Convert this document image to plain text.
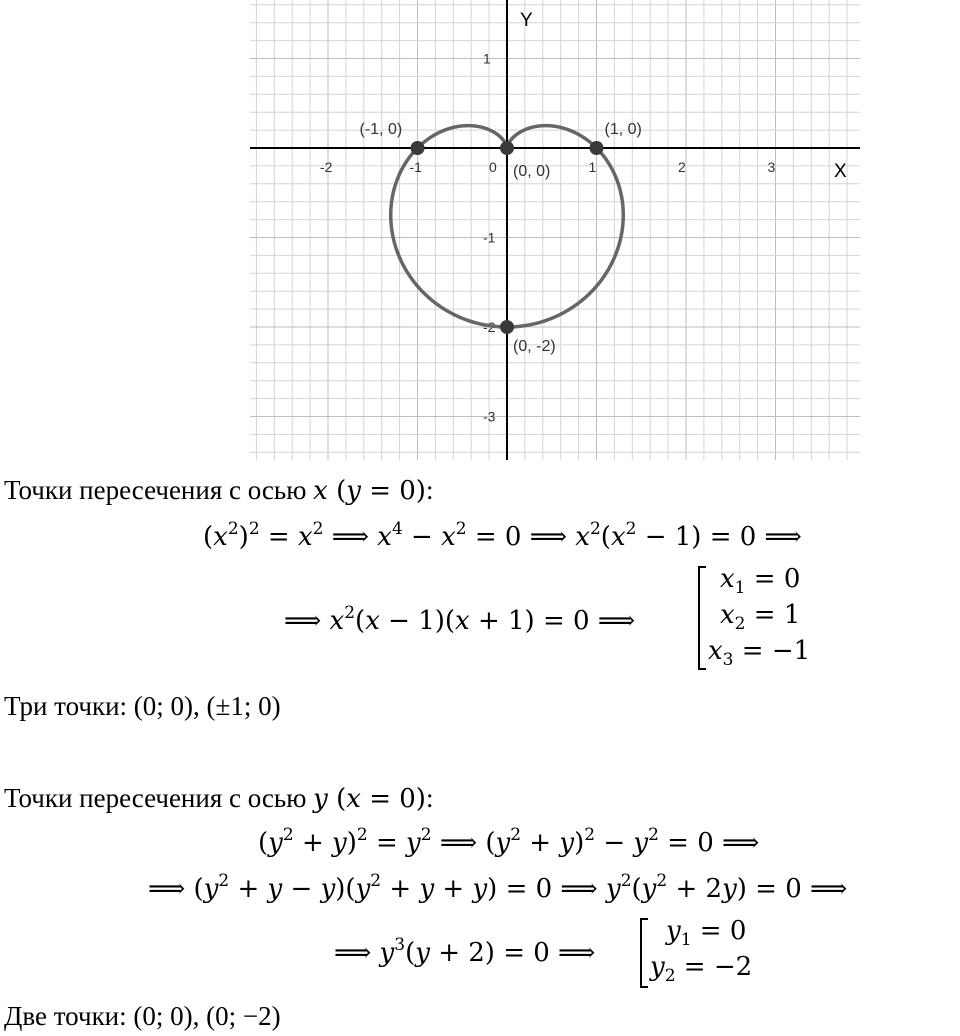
X
Y
-2	-1	0	1	2	3
1
-1
-2
-3
(-1, 0)
(0, 0)
(1, 0)
(0, -2)
Точки пересечения с осью x (y = 0):
$(x^2)^2 = x^2$ ⟹ $x^4 - x^2 = 0$ ⟹ $x^2(x^2 - 1) = 0$ ⟹
⟹ $x^2(x - 1)(x + 1) = 0$ ⟹
$x_1 = 0$
$x_2 = 1$
$x_3 = -1$
Три точки: (0; 0), (±1; 0)
Точки пересечения с осью y (x = 0):
$(y^2 + y)^2 = y^2$ ⟹ $(y^2 + y)^2 - y^2 = 0$ ⟹
⟹ $(y^2 + y - y)(y^2 + y + y) = 0$ ⟹ $y^2(y^2 + 2y) = 0$ ⟹
⟹ $y^3(y + 2) = 0$ ⟹
$y_1 = 0$
$y_2 = -2$
Две точки: (0; 0), (0; −2)
